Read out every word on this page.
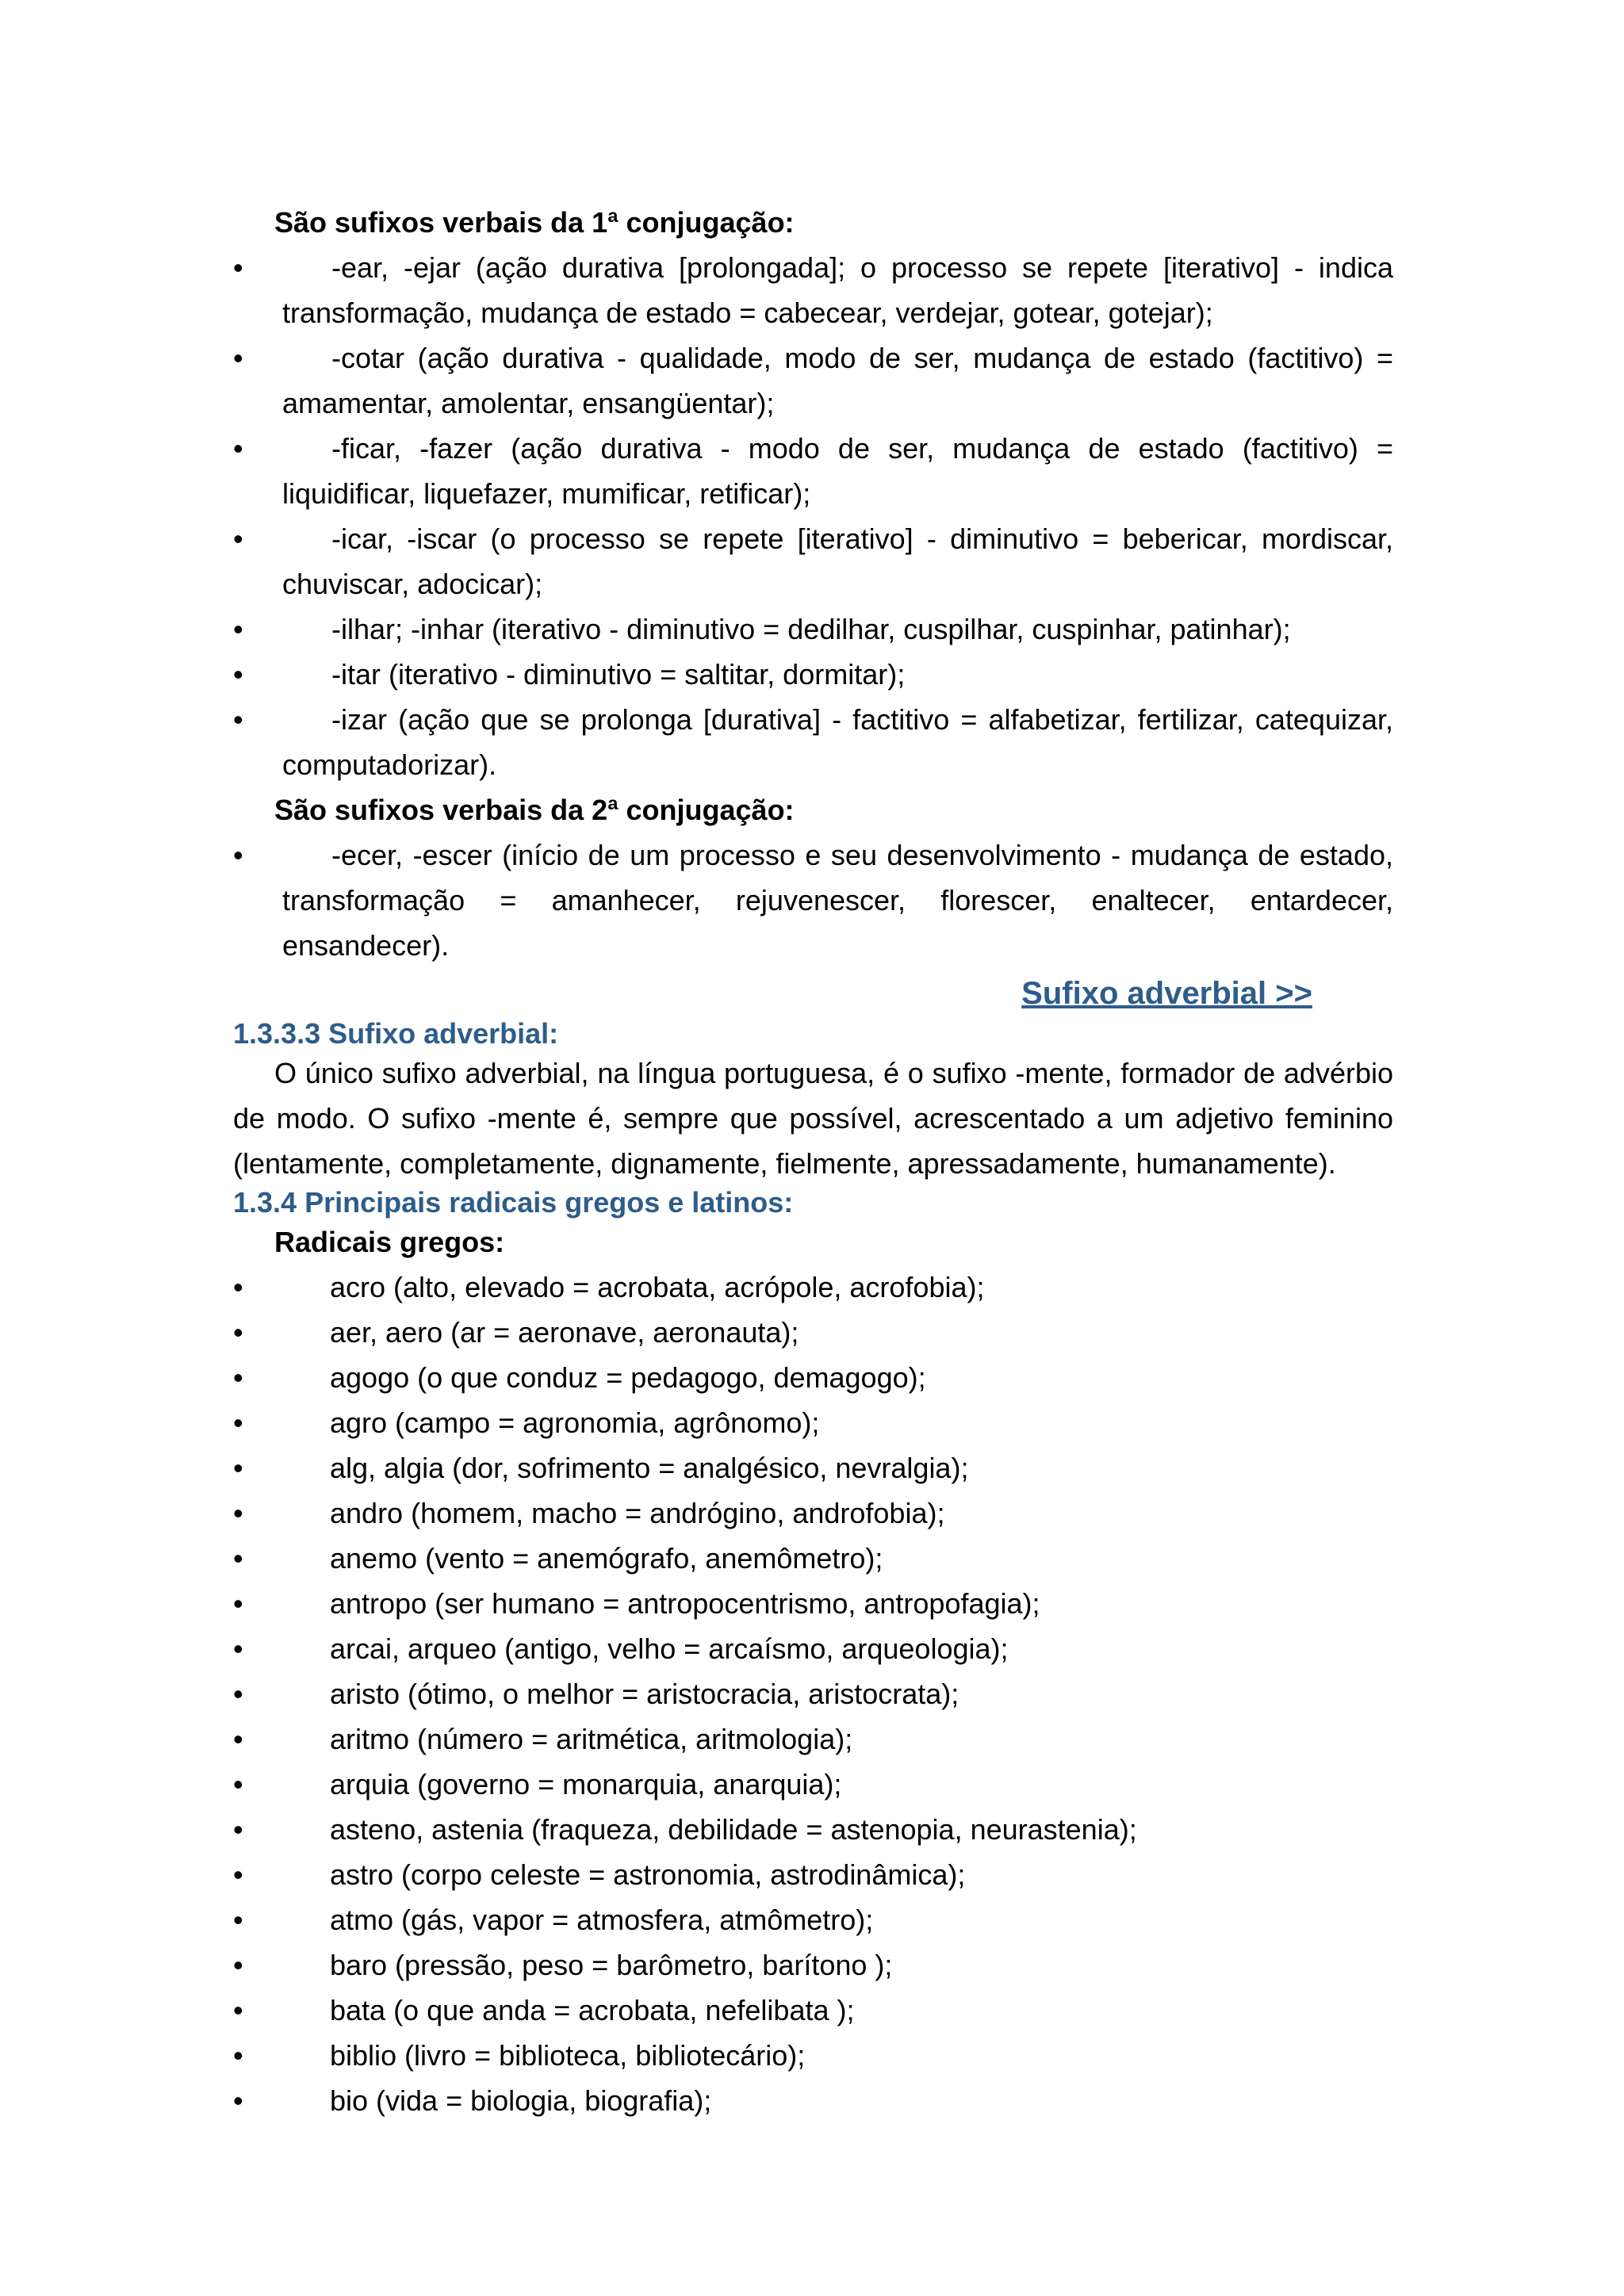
São sufixos verbais da 1ª conjugação:

•	-ear, -ejar (ação durativa [prolongada]; o processo se repete [iterativo] - indica transformação, mudança de estado = cabecear, verdejar, gotear, gotejar);
•	-cotar (ação durativa - qualidade, modo de ser, mudança de estado (factitivo) = amamentar, amolentar, ensangüentar);
•	-ficar, -fazer (ação durativa - modo de ser, mudança de estado (factitivo) = liquidificar, liquefazer, mumificar, retificar);
•	-icar, -iscar (o processo se repete [iterativo] - diminutivo = bebericar, mordiscar, chuviscar, adocicar);
•	-ilhar; -inhar (iterativo - diminutivo = dedilhar, cuspilhar, cuspinhar, patinhar);
•	-itar (iterativo - diminutivo = saltitar, dormitar);
•	-izar (ação que se prolonga [durativa] - factitivo = alfabetizar, fertilizar, catequizar, computadorizar).

São sufixos verbais da 2ª conjugação:

•	-ecer, -escer (início de um processo e seu desenvolvimento - mudança de estado, transformação = amanhecer, rejuvenescer, florescer, enaltecer, entardecer, ensandecer).
Sufixo adverbial >>

1.3.3.3 Sufixo adverbial:

O único sufixo adverbial, na língua portuguesa, é o sufixo -mente, formador de advérbio de modo. O sufixo -mente é, sempre que possível, acrescentado a um adjetivo feminino (lentamente, completamente, dignamente, fielmente, apressadamente, humanamente).

1.3.4 Principais radicais gregos e latinos:

Radicais gregos:

•	acro (alto, elevado = acrobata, acrópole, acrofobia);
•	aer, aero (ar = aeronave, aeronauta);
•	agogo (o que conduz = pedagogo, demagogo);
•	agro (campo = agronomia, agrônomo);
•	alg, algia (dor, sofrimento = analgésico, nevralgia);
•	andro (homem, macho = andrógino, androfobia);
•	anemo (vento = anemógrafo, anemômetro);
•	antropo (ser humano = antropocentrismo, antropofagia);
•	arcai, arqueo (antigo, velho = arcaísmo, arqueologia);
•	aristo (ótimo, o melhor = aristocracia, aristocrata);
•	aritmo (número = aritmética, aritmologia);
•	arquia (governo = monarquia, anarquia);
•	asteno, astenia (fraqueza, debilidade = astenopia, neurastenia);
•	astro (corpo celeste = astronomia, astrodinâmica);
•	atmo (gás, vapor = atmosfera, atmômetro);
•	baro (pressão, peso = barômetro, barítono );
•	bata (o que anda = acrobata, nefelibata );
•	biblio (livro = biblioteca, bibliotecário);
•	bio (vida = biologia, biografia);
